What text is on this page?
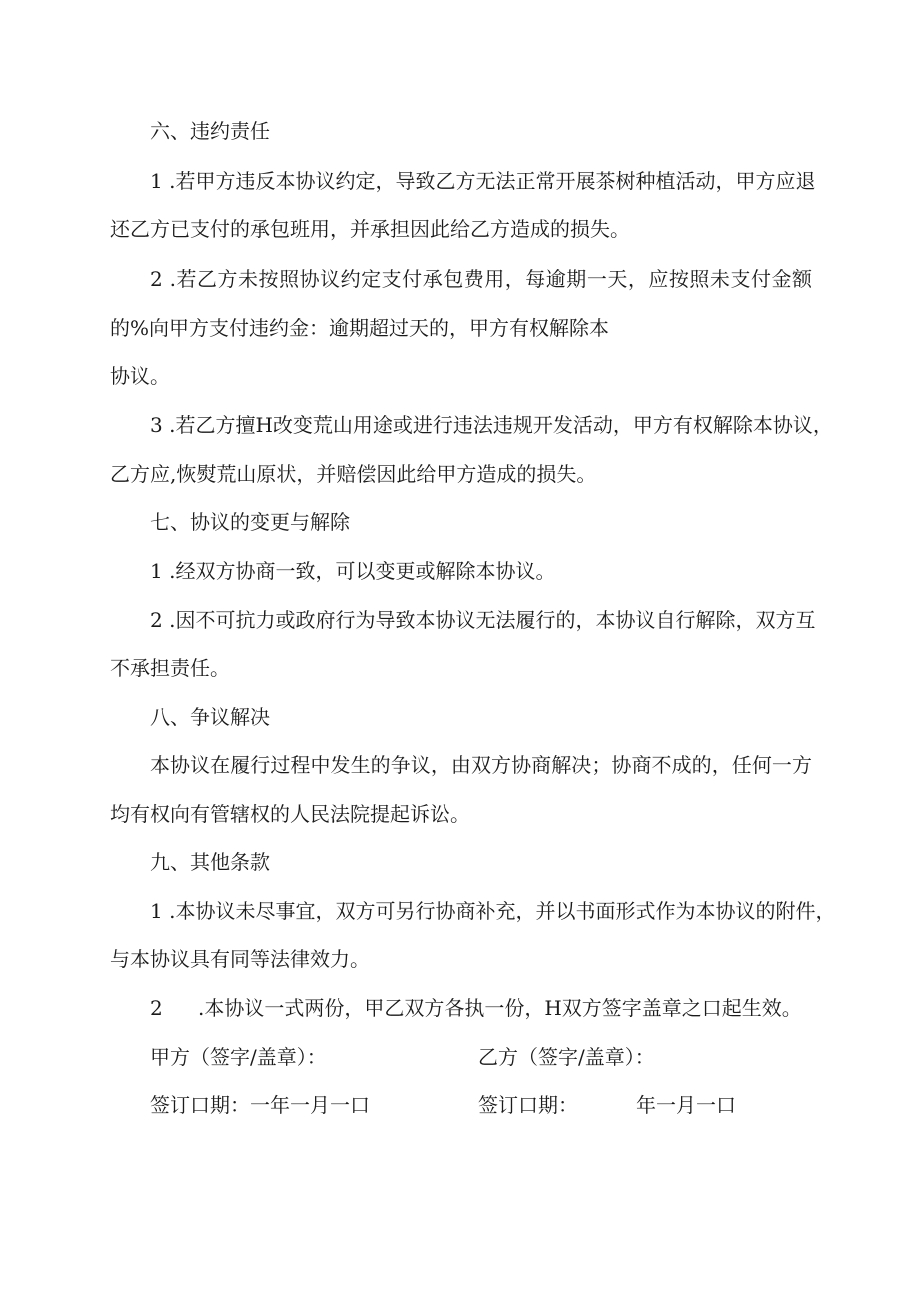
六、违约责任

1 .若甲方违反本协议约定，导致乙方无法正常开展茶树种植活动，甲方应退

还乙方已支付的承包班用，并承担因此给乙方造成的损失。

2 .若乙方未按照协议约定支付承包费用，每逾期一天，应按照未支付金额

的%向甲方支付违约金：逾期超过天的，甲方有权解除本

协议。

3 .若乙方擅H改变荒山用途或进行违法违规开发活动，甲方有权解除本协议，

乙方应,恢熨荒山原状，并赔偿因此给甲方造成的损失。

七、协议的变更与解除

1 .经双方协商一致，可以变更或解除本协议。

2 .因不可抗力或政府行为导致本协议无法履行的，本协议自行解除，双方互

不承担责任。

八、争议解决

本协议在履行过程中发生的争议，由双方协商解决；协商不成的，任何一方

均有权向有管辖权的人民法院提起诉讼。

九、其他条款

1 .本协议未尽事宜，双方可另行协商补充，并以书面形式作为本协议的附件，

与本协议具有同等法律效力。

2 .本协议一式两份，甲乙双方各执一份，H双方签字盖章之口起生效。

甲方（签字/盖章）：	乙方（签字/盖章）：
签订口期：一年一月一口	签订口期：	年一月一口
